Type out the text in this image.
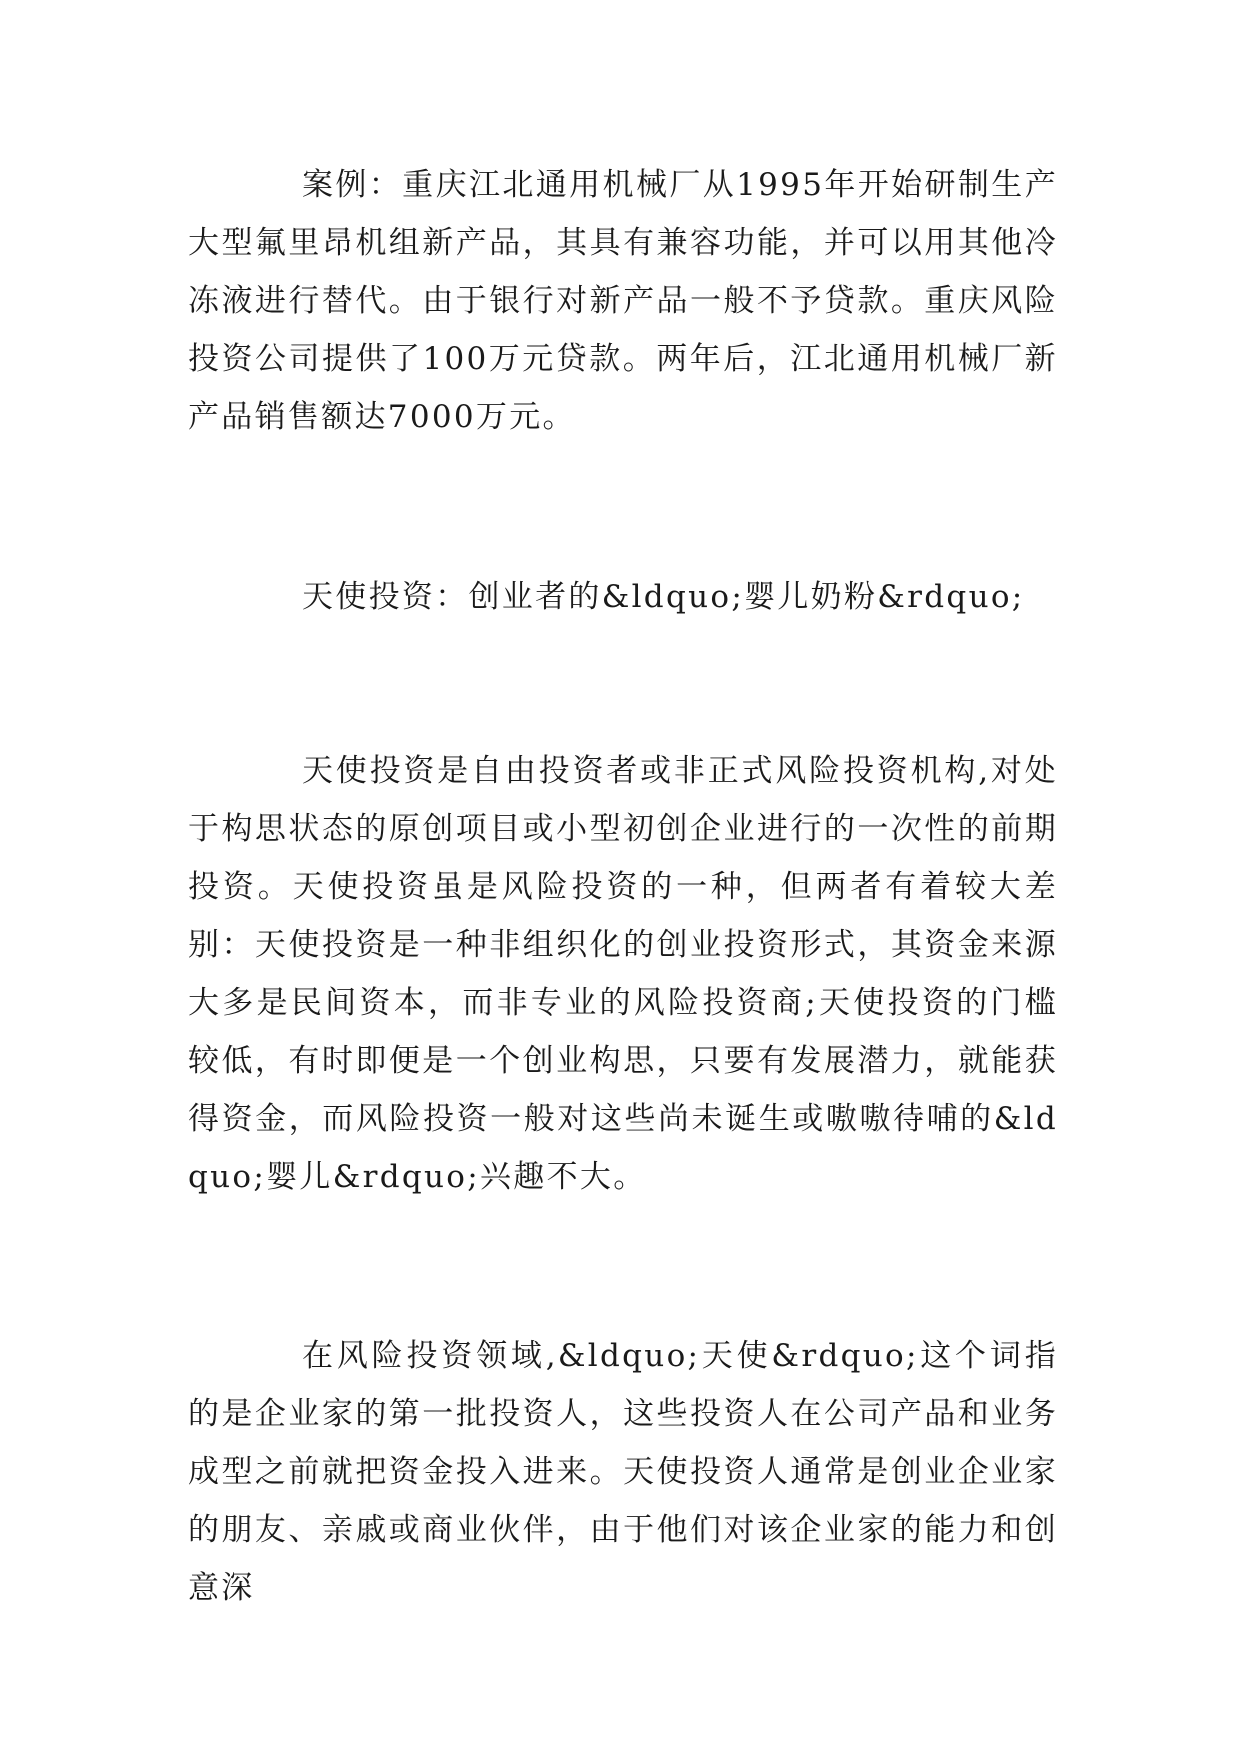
案例：重庆江北通用机械厂从1995年开始研制生产大型氟里昂机组新产品，其具有兼容功能，并可以用其他冷冻液进行替代。由于银行对新产品一般不予贷款。重庆风险投资公司提供了100万元贷款。两年后，江北通用机械厂新产品销售额达7000万元。

天使投资：创业者的&ldquo;婴儿奶粉&rdquo;

天使投资是自由投资者或非正式风险投资机构,对处于构思状态的原创项目或小型初创企业进行的一次性的前期投资。天使投资虽是风险投资的一种，但两者有着较大差别：天使投资是一种非组织化的创业投资形式，其资金来源大多是民间资本，而非专业的风险投资商;天使投资的门槛较低，有时即便是一个创业构思，只要有发展潜力，就能获得资金，而风险投资一般对这些尚未诞生或嗷嗷待哺的&ldquo;婴儿&rdquo;兴趣不大。

在风险投资领域,&ldquo;天使&rdquo;这个词指的是企业家的第一批投资人，这些投资人在公司产品和业务成型之前就把资金投入进来。天使投资人通常是创业企业家的朋友、亲戚或商业伙伴，由于他们对该企业家的能力和创意深
